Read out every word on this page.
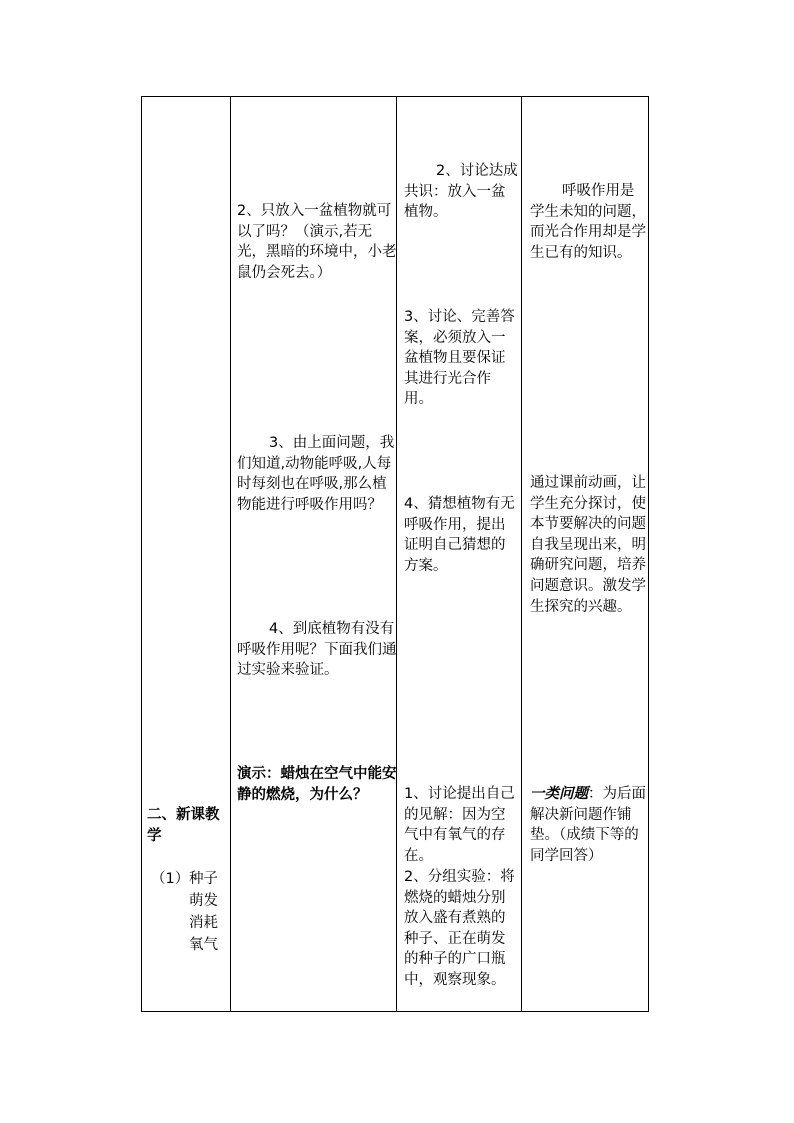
二、新课教学
（1） 种子萌发消耗氧气
2、只放入一盆植物就可以了吗？（演示,若无光，黑暗的环境中，小老鼠仍会死去。）
3、由上面问题，我们知道,动物能呼吸,人每时每刻也在呼吸,那么植物能进行呼吸作用吗？
4、到底植物有没有呼吸作用呢？下面我们通过实验来验证。
演示：蜡烛在空气中能安静的燃烧，为什么？
2、讨论达成共识：放入一盆植物。
3、讨论、完善答案，必须放入一盆植物且要保证其进行光合作用。
4、猜想植物有无呼吸作用，提出证明自己猜想的方案。
1、讨论提出自己的见解：因为空气中有氧气的存在。
2、分组实验：将燃烧的蜡烛分别放入盛有煮熟的种子、正在萌发的种子的广口瓶中，观察现象。
呼吸作用是学生未知的问题，而光合作用却是学生已有的知识。
通过课前动画，让学生充分探讨，使本节要解决的问题自我呈现出来，明确研究问题，培养问题意识。激发学生探究的兴趣。
一类问题：为后面解决新问题作铺垫。（成绩下等的同学回答）
